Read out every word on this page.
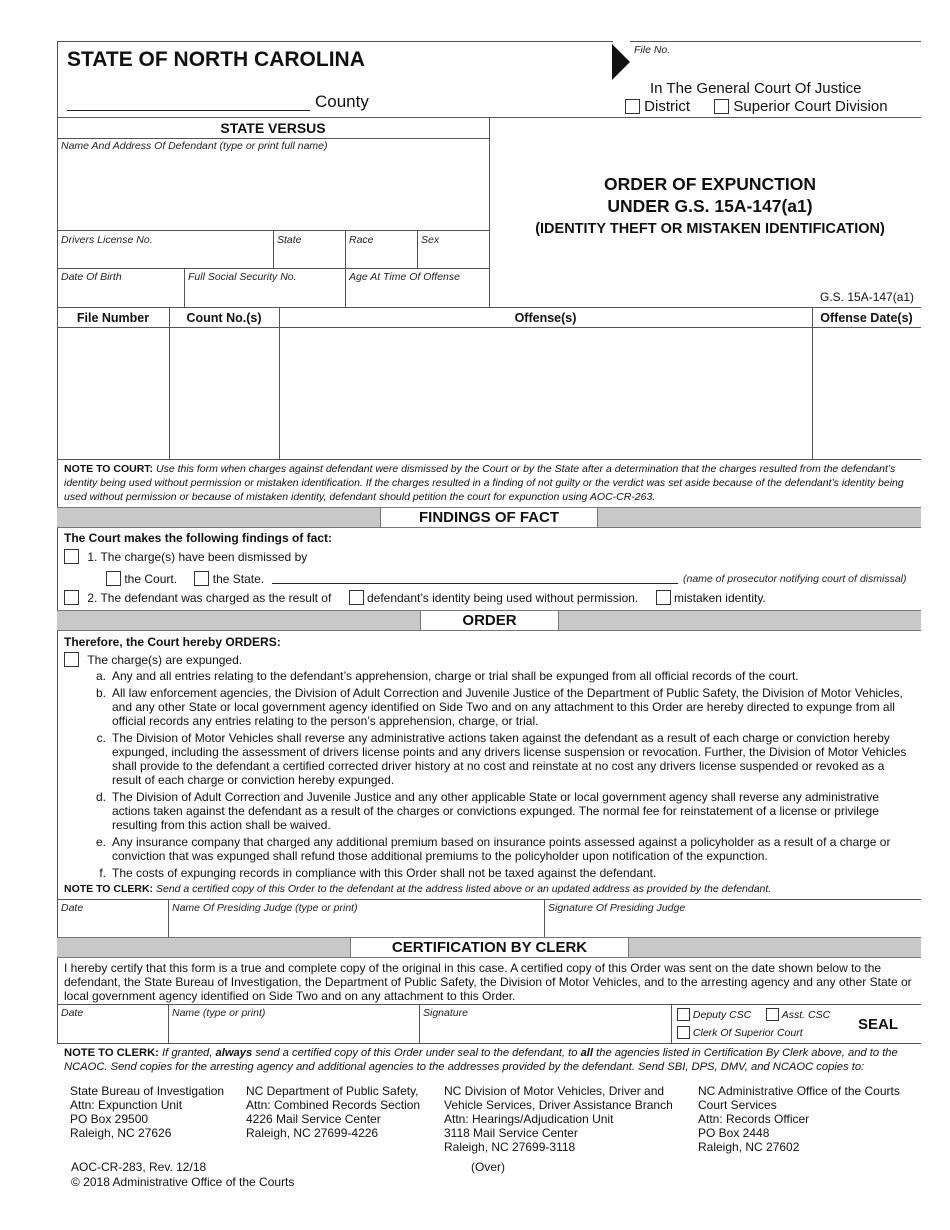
STATE OF NORTH CAROLINA	File No.
County
In The General Court Of Justice
District	Superior Court Division
STATE VERSUS
Name And Address Of Defendant (type or print full name)
Drivers License No.	State	Race	Sex
Date Of Birth	Full Social Security No.	Age At Time Of Offense
ORDER OF EXPUNCTION
UNDER G.S. 15A-147(a1)
(IDENTITY THEFT OR MISTAKEN IDENTIFICATION)
G.S. 15A-147(a1)
File Number	Count No.(s)	Offense(s)	Offense Date(s)
NOTE TO COURT: Use this form when charges against defendant were dismissed by the Court or by the State after a determination that the charges resulted from the defendant’s identity being used without permission or mistaken identification. If the charges resulted in a finding of not guilty or the verdict was set aside because of the defendant’s identity being used without permission or because of mistaken identity, defendant should petition the court for expunction using AOC-CR-263.
FINDINGS OF FACT
The Court makes the following findings of fact:
1. The charge(s) have been dismissed by
the Court.	the State.	(name of prosecutor notifying court of dismissal)
2. The defendant was charged as the result of	defendant’s identity being used without permission.	mistaken identity.
ORDER
Therefore, the Court hereby ORDERS:
The charge(s) are expunged.
a. Any and all entries relating to the defendant’s apprehension, charge or trial shall be expunged from all official records of the court.
b. All law enforcement agencies, the Division of Adult Correction and Juvenile Justice of the Department of Public Safety, the Division of Motor Vehicles, and any other State or local government agency identified on Side Two and on any attachment to this Order are hereby directed to expunge from all official records any entries relating to the person’s apprehension, charge, or trial.
c. The Division of Motor Vehicles shall reverse any administrative actions taken against the defendant as a result of each charge or conviction hereby expunged, including the assessment of drivers license points and any drivers license suspension or revocation. Further, the Division of Motor Vehicles shall provide to the defendant a certified corrected driver history at no cost and reinstate at no cost any drivers license suspended or revoked as a result of each charge or conviction hereby expunged.
d. The Division of Adult Correction and Juvenile Justice and any other applicable State or local government agency shall reverse any administrative actions taken against the defendant as a result of the charges or convictions expunged. The normal fee for reinstatement of a license or privilege resulting from this action shall be waived.
e. Any insurance company that charged any additional premium based on insurance points assessed against a policyholder as a result of a charge or conviction that was expunged shall refund those additional premiums to the policyholder upon notification of the expunction.
f. The costs of expunging records in compliance with this Order shall not be taxed against the defendant.
NOTE TO CLERK: Send a certified copy of this Order to the defendant at the address listed above or an updated address as provided by the defendant.
Date	Name Of Presiding Judge (type or print)	Signature Of Presiding Judge
CERTIFICATION BY CLERK
I hereby certify that this form is a true and complete copy of the original in this case. A certified copy of this Order was sent on the date shown below to the defendant, the State Bureau of Investigation, the Department of Public Safety, the Division of Motor Vehicles, and to the arresting agency and any other State or local government agency identified on Side Two and on any attachment to this Order.
Date	Name (type or print)	Signature	Deputy CSC	Asst. CSC
Clerk Of Superior Court	SEAL
NOTE TO CLERK: If granted, always send a certified copy of this Order under seal to the defendant, to all the agencies listed in Certification By Clerk above, and to the NCAOC. Send copies for the arresting agency and additional agencies to the addresses provided by the defendant. Send SBI, DPS, DMV, and NCAOC copies to:
State Bureau of Investigation
Attn: Expunction Unit
PO Box 29500
Raleigh, NC 27626
NC Department of Public Safety,
Attn: Combined Records Section
4226 Mail Service Center
Raleigh, NC 27699-4226
NC Division of Motor Vehicles, Driver and
Vehicle Services, Driver Assistance Branch
Attn: Hearings/Adjudication Unit
3118 Mail Service Center
Raleigh, NC 27699-3118
NC Administrative Office of the Courts
Court Services
Attn: Records Officer
PO Box 2448
Raleigh, NC 27602
AOC-CR-283, Rev. 12/18
© 2018 Administrative Office of the Courts
(Over)
